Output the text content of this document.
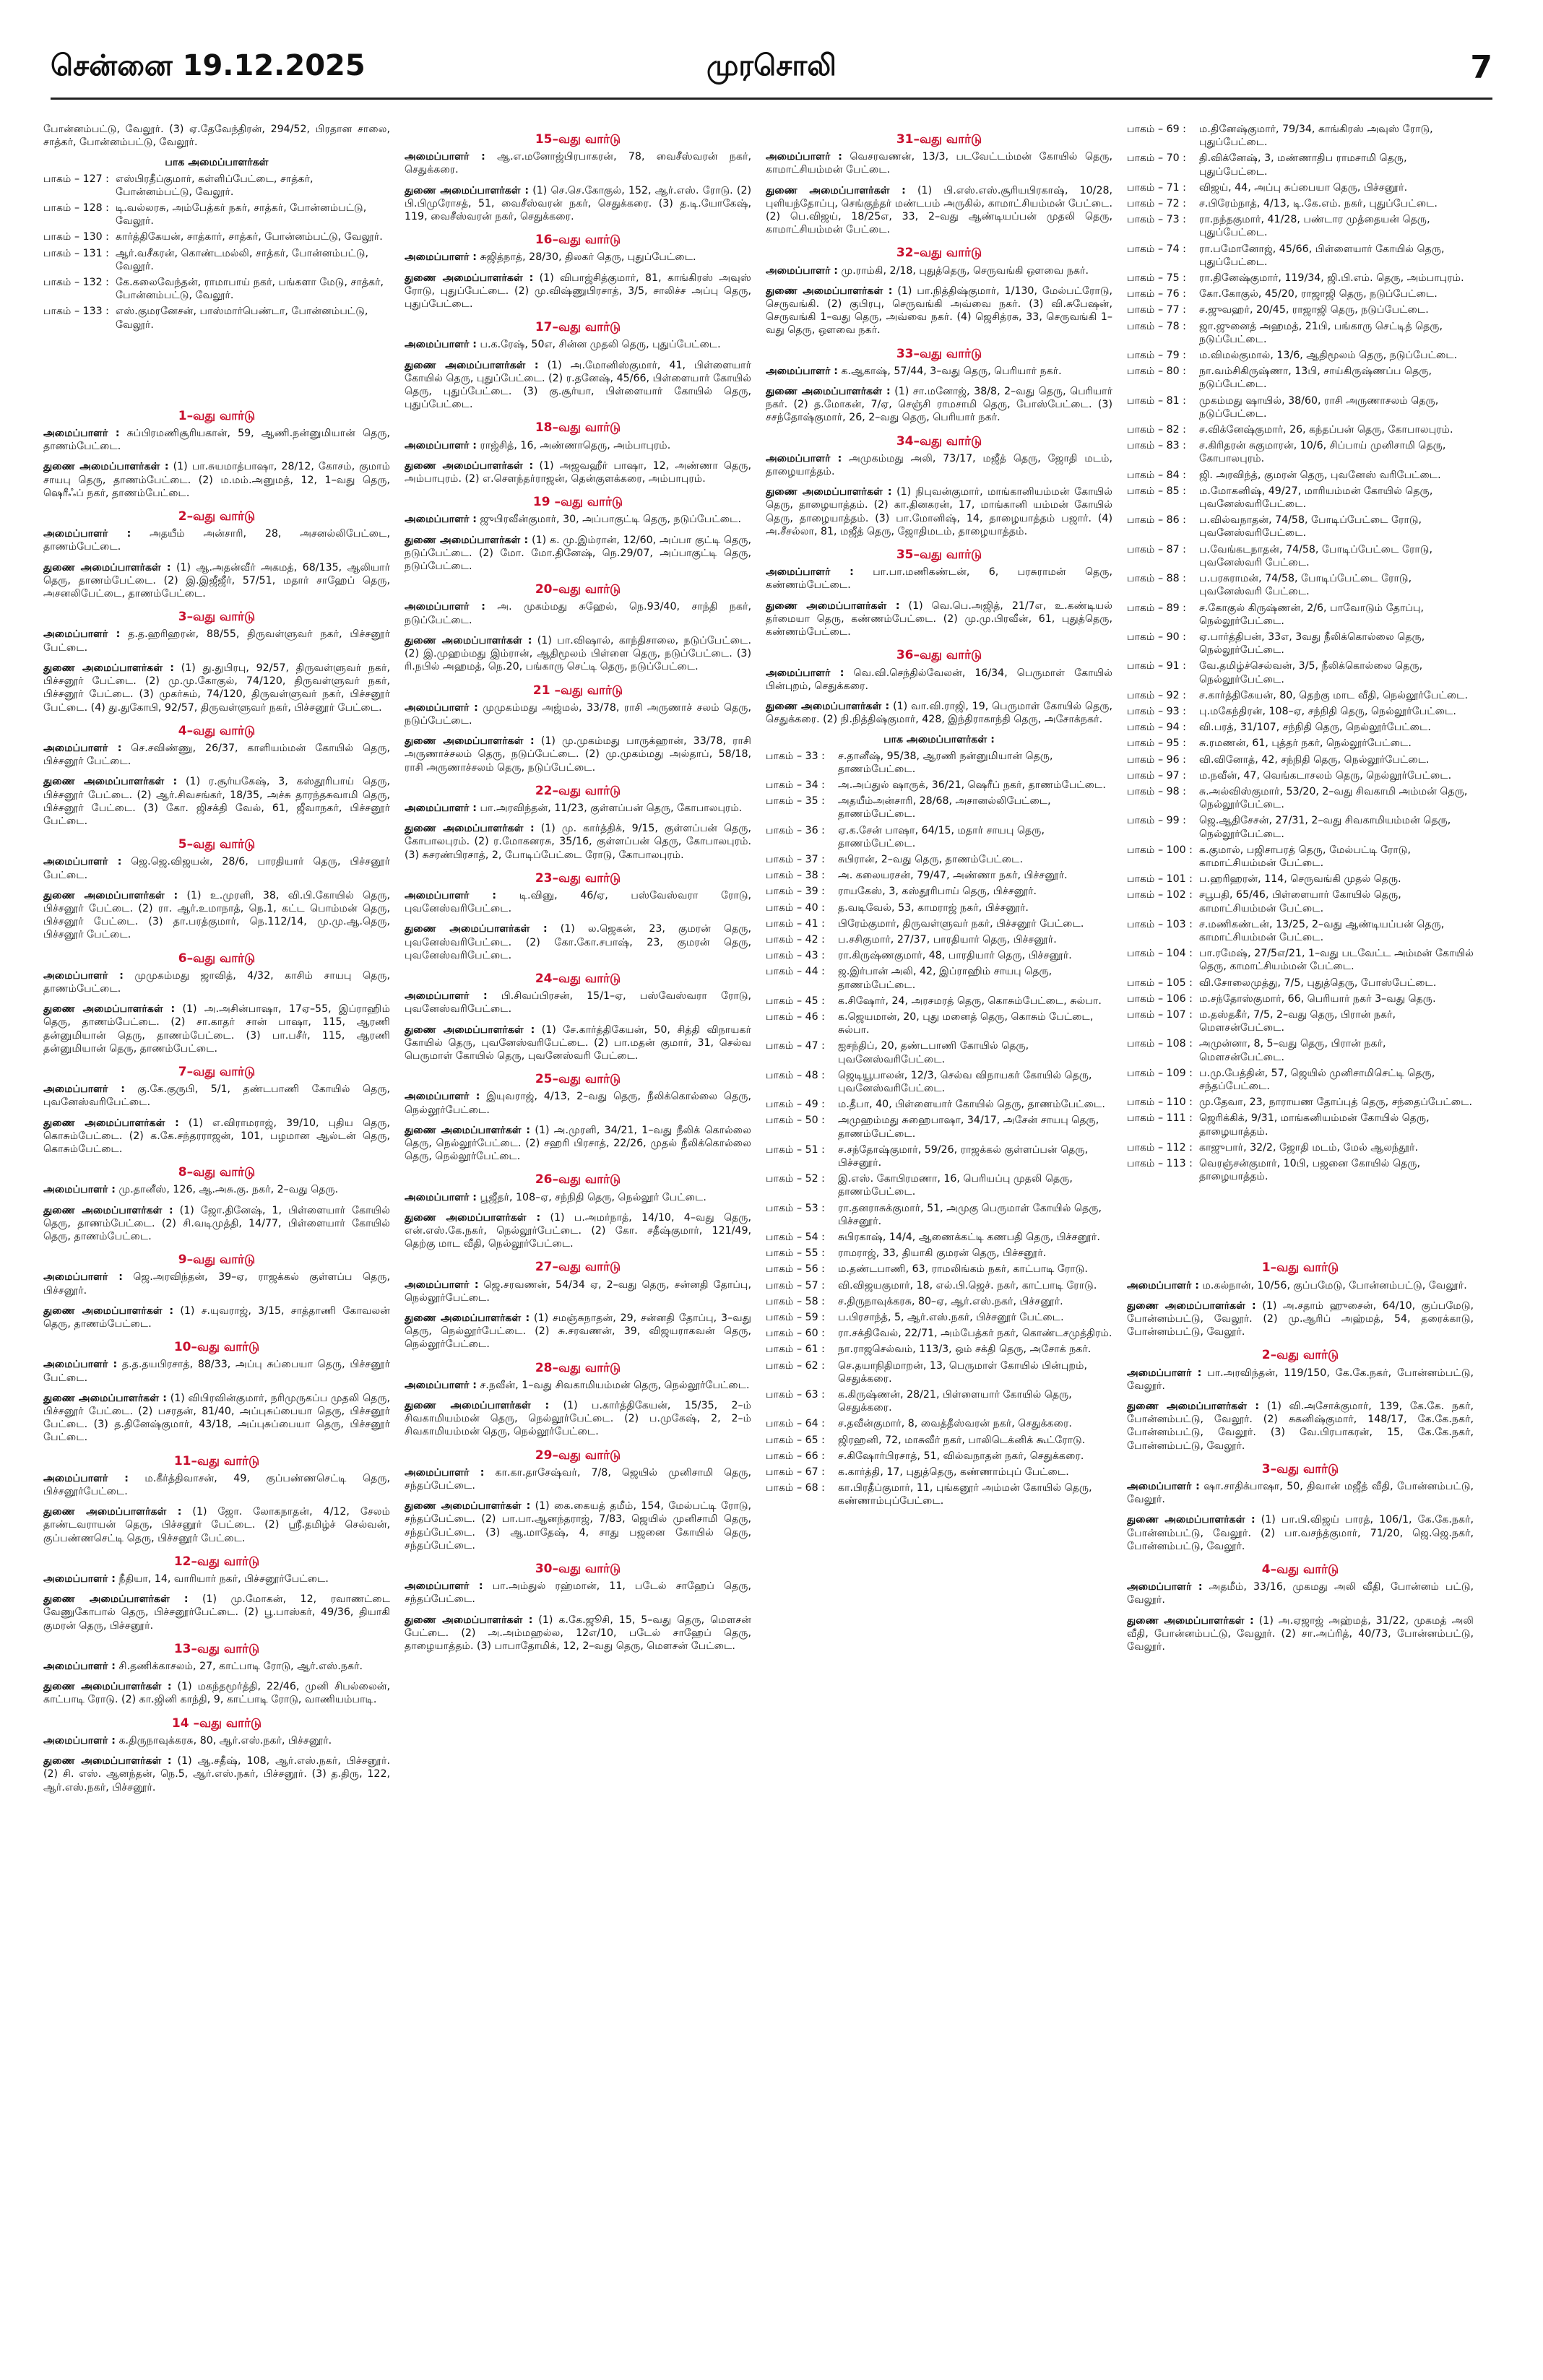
சென்னை 19.12.2025	முரசொலி	7
போன்னம்பட்டு, வேலூர். (3) ஏ.தேவேந்திரன், 294/52, பிரதான சாலை, சாத்கர், போன்னம்பட்டு, வேலூர்.
பாக அமைப்பாளர்கள்
பாகம் – 127 : எஸ்பிரதீப்குமார், கள்ளிப்பேட்டை, சாத்கர், போன்னம்பட்டு, வேலூர்.
பாகம் – 128 : டி.வல்லரசு, அம்பேத்கர் நகர், சாத்கர், போன்னம்பட்டு, வேலூர்.
பாகம் – 130 : கார்த்திகேயன், சாத்கார், சாத்கர், போன்னம்பட்டு, வேலூர்.
பாகம் – 131 : ஆர்.வசீகரன், கொண்டமல்லி, சாத்கர், போன்னம்பட்டு, வேலூர்.
பாகம் – 132 : கே.கலைவேந்தன், ராமாபாய் நகர், பங்களா மேடு, சாத்கர், போன்னம்பட்டு, வேலூர்.
பாகம் – 133 : எஸ்.குமரனேசன், பாஸ்மார்பெண்டா, போன்னம்பட்டு, வேலூர்.
1–வது வார்டு
அமைப்பாளர் : சுப்பிரமணிசூரியகான், 59, ஆணி.நன்னுமியான் தெரு, தாணம்பேட்டை.
துணை அமைப்பாளர்கள் : (1) பா.சுயமாத்பாஷா, 28/12, கோசம், குமாம் சாயபு தெரு, தாணம்பேட்டை. (2) ம.மம்.அனுமத், 12, 1–வது தெரு, ஷெரீஃப் நகர், தாணம்பேட்டை.
2–வது வார்டு
அமைப்பாளர் : அதயீம் அன்சாரி, 28, அசனல்லிபேட்டை, தாணம்பேட்டை.
துணை அமைப்பாளர்கள் : (1) ஆ.அதன்வீர் அகமத், 68/135, ஆலியார் தெரு, தாணம்பேட்டை. (2) இ.இஜீஜீர், 57/51, மதார் சாஹேப் தெரு, அசனலிபேட்டை, தாணம்பேட்டை.
3–வது வார்டு
அமைப்பாளர் : த.த.ஹரிஹரன், 88/55, திருவள்ளுவர் நகர், பிச்சனூர் பேட்டை.
துணை அமைப்பாளர்கள் : (1) து.துபிரபு, 92/57, திருவள்ளுவர் நகர், பிச்சனூர் பேட்டை. (2) மு.மு.கோகுல், 74/120, திருவள்ளுவர் நகர், பிச்சனூர் பேட்டை. (3) முகர்சும், 74/120, திருவள்ளுவர் நகர், பிச்சனூர் பேட்டை. (4) து.துகோபி, 92/57, திருவள்ளுவர் நகர், பிச்சனூர் பேட்டை.
4–வது வார்டு
அமைப்பாளர் : செ.சவிண்ணு, 26/37, காளியம்மன் கோயில் தெரு, பிச்சனூர் பேட்டை.
துணை அமைப்பாளர்கள் : (1) ர.சூர்யகேஷ், 3, கஸ்தூரிபாய் தெரு, பிச்சனூர் பேட்டை. (2) ஆர்.சிவசங்கர், 18/35, அச்சு தாரந்தசுவாமி தெரு, பிச்சனூர் பேட்டை. (3) கோ. ஜிசக்தி வேல், 61, ஜீவாநகர், பிச்சனூர் பேட்டை.
5–வது வார்டு
அமைப்பாளர் : ஜெ.ஜெ.விஜயன், 28/6, பாரதியார் தெரு, பிச்சனூர் பேட்டை.
துணை அமைப்பாளர்கள் : (1) உ.முரளி, 38, வி.பி.கோயில் தெரு, பிச்சனூர் பேட்டை. (2) ரா. ஆர்.உமாநாத், நெ.1, கட்ட பொம்மன் தெரு, பிச்சனூர் பேட்டை. (3) தா.பரத்குமார், நெ.112/14, மு.மு.ஆ.தெரு, பிச்சனூர் பேட்டை.
6–வது வார்டு
அமைப்பாளர் : முமுகம்மது ஜாவித், 4/32, காசிம் சாயபு தெரு, தாணம்பேட்டை.
துணை அமைப்பாளர்கள் : (1) அ.அசின்பாஷா, 17ஏ–55, இப்ராஹிம் தெரு, தாணம்பேட்டை. (2) சா.காதர் சான் பாஷா, 115, ஆரணி தன்னுமியான் தெரு, தாணம்பேட்டை. (3) பா.பசீர், 115, ஆரணி தன்னுமியான் தெரு, தாணம்பேட்டை.
7–வது வார்டு
அமைப்பாளர் : கு.கே.குருபி, 5/1, தண்டபாணி கோயில் தெரு, புவனேஸ்வரிபேட்டை.
துணை அமைப்பாளர்கள் : (1) எ.விராமராஜ், 39/10, புதிய தெரு, கொசும்பேட்டை. (2) க.கே.சந்தரராஜன், 101, பழமான ஆல்டன் தெரு, கொசும்பேட்டை.
8–வது வார்டு
அமைப்பாளர் : மு.தானீஸ், 126, ஆ.அசு.கு. நகர், 2–வது தெரு.
துணை அமைப்பாளர்கள் : (1) ஜோ.தினேஷ், 1, பிள்ளையார் கோயில் தெரு, தாணம்பேட்டை. (2) சி.வடிமுத்தி, 14/77, பிள்ளையார் கோயில் தெரு, தாணம்பேட்டை.
9–வது வார்டு
அமைப்பாளர் : ஜெ.அரவிந்தன், 39–ஏ, ராஜக்கல் குள்ளப்ப தெரு, பிச்சனூர்.
துணை அமைப்பாளர்கள் : (1) ச.யுவராஜ், 3/15, சாத்தாணி கோவலன் தெரு, தாணம்பேட்டை.
10–வது வார்டு
அமைப்பாளர் : த.த.தயபிரசாத், 88/33, அப்பு சுப்பையா தெரு, பிச்சனூர் பேட்டை.
துணை அமைப்பாளர்கள் : (1) விபிரவின்குமார், நரிமுருகப்ப முதலி தெரு, பிச்சனூர் பேட்டை. (2) பசரதன், 81/40, அப்புசுப்பையா தெரு, பிச்சனூர் பேட்டை. (3) த.தினேஷ்குமார், 43/18, அப்புசுப்பையா தெரு, பிச்சனூர் பேட்டை.
11–வது வார்டு
அமைப்பாளர் : ம.கீர்த்திவாசன், 49, குப்பண்ணசெட்டி தெரு, பிச்சனூர்பேட்டை.
துணை அமைப்பாளர்கள் : (1) ஜோ. லோகநாதன், 4/12, சேலம் தாண்டவராயன் தெரு, பிச்சனூர் பேட்டை. (2) ஸ்ரீ.தமிழ்ச் செல்வன், குப்பண்ணசெட்டி தெரு, பிச்சனூர் பேட்டை.
12–வது வார்டு
அமைப்பாளர் : நீதியா, 14, வாரியார் நகர், பிச்சனூர்பேட்டை.
துணை அமைப்பாளர்கள் : (1) மு.மோகன், 12, ரவாணட்டை வேணுகோபால் தெரு, பிச்சனூர்பேட்டை. (2) பூ.பாஸ்கர், 49/36, தியாகி குமரன் தெரு, பிச்சனூர்.
13–வது வார்டு
அமைப்பாளர் : சி.தணிக்காசலம், 27, காட்பாடி ரோடு, ஆர்.எஸ்.நகர்.
துணை அமைப்பாளர்கள் : (1) மகந்தமூர்த்தி, 22/46, முனி சிபல்லைன், காட்பாடி ரோடு. (2) கா.ஜினி காந்தி, 9, காட்பாடி ரோடு, வாணியம்பாடி.
14 –வது வார்டு
அமைப்பாளர் : க.திருநாவுக்கரசு, 80, ஆர்.எஸ்.நகர், பிச்சனூர்.
துணை அமைப்பாளர்கள் : (1) ஆ.சதீஷ், 108, ஆர்.எஸ்.நகர், பிச்சனூர். (2) சி. எஸ். ஆனந்தன், நெ.5, ஆர்.எஸ்.நகர், பிச்சனூர். (3) த.திரு, 122, ஆர்.எஸ்.நகர், பிச்சனூர்.
15–வது வார்டு
அமைப்பாளர் : ஆ.எ.மனோஜ்பிரபாகரன், 78, வைசீஸ்வரன் நகர், செதுக்கரை.
துணை அமைப்பாளர்கள் : (1) செ.செ.கோகுல், 152, ஆர்.எஸ். ரோடு. (2) பி.பிமுரோசத், 51, வைசீஸ்வரன் நகர், செதுக்கரை. (3) த.டி.யோகேஷ், 119, வைசீஸ்வரன் நகர், செதுக்கரை.
16–வது வார்டு
அமைப்பாளர் : சுஜித்நாத், 28/30, திலகர் தெரு, புதுப்பேட்டை.
துணை அமைப்பாளர்கள் : (1) விபாஜ்சித்குமார், 81, காங்கிரஸ் அவுஸ் ரோடு, புதுப்பேட்டை. (2) மு.விஷ்ணுபிரசாத், 3/5, சாலிச்ச அப்பு தெரு, புதுப்பேட்டை.
17–வது வார்டு
அமைப்பாளர் : ப.க.ரேஷ், 50எ, சின்ன முதலி தெரு, புதுப்பேட்டை.
துணை அமைப்பாளர்கள் : (1) அ.மோனிஸ்குமார், 41, பிள்ளையார் கோயில் தெரு, புதுப்பேட்டை. (2) ர.தனேஷ், 45/66, பிள்ளையார் கோயில் தெரு, புதுப்பேட்டை. (3) கு.சூர்யா, பிள்ளையார் கோயில் தெரு, புதுப்பேட்டை.
18–வது வார்டு
அமைப்பாளர் : ராஜ்சித், 16, அண்ணாதெரு, அம்பாபுரம்.
துணை அமைப்பாளர்கள் : (1) அஜவஹீர் பாஷா, 12, அண்ணா தெரு, அம்பாபுரம். (2) எ.சௌந்தர்ராஜன், தென்குளக்கரை, அம்பாபுரம்.
19 –வது வார்டு
அமைப்பாளர் : ஜுபிரவீன்குமார், 30, அப்பாகுட்டி தெரு, நடுப்பேட்டை.
துணை அமைப்பாளர்கள் : (1) க. மு.இம்ரான், 12/60, அப்பா குட்டி தெரு, நடுப்பேட்டை. (2) மோ. மோ.தினேஷ், நெ.29/07, அப்பாகுட்டி தெரு, நடுப்பேட்டை.
20–வது வார்டு
அமைப்பாளர் : அ. முகம்மது சுஹேல், நெ.93/40, சாந்தி நகர், நடுப்பேட்டை.
துணை அமைப்பாளர்கள் : (1) பா.விஷால், காந்திசாலை, நடுப்பேட்டை. (2) இ.முஹம்மது இம்ரான், ஆதிமூலம் பிள்ளை தெரு, நடுப்பேட்டை. (3) ரி.நபில் அஹமத், நெ.20, பங்காரு செட்டி தெரு, நடுப்பேட்டை.
21 –வது வார்டு
அமைப்பாளர் : முமுகம்மது அஜ்மல், 33/78, ராசி அருணாச் சலம் தெரு, நடுப்பேட்டை.
துணை அமைப்பாளர்கள் : (1) மு.முகம்மது பாருக்ஹான், 33/78, ராசி அருணாச்சலம் தெரு, நடுப்பேட்டை. (2) மு.முகம்மது அல்தாப், 58/18, ராசி அருணாச்சலம் தெரு, நடுப்பேட்டை.
22–வது வார்டு
அமைப்பாளர் : பா.அரவிந்தன், 11/23, குள்ளப்பன் தெரு, கோபாலபுரம்.
துணை அமைப்பாளர்கள் : (1) மு. கார்த்திக், 9/15, குள்ளப்பன் தெரு, கோபாலபுரம். (2) ர.மோகனரசு, 35/16, குள்ளப்பன் தெரு, கோபாலபுரம். (3) சுசரண்பிரசாத், 2, போடிப்பேட்டை ரோடு, கோபாலபுரம்.
23–வது வார்டு
அமைப்பாளர் : டி.வினு, 46/ஏ, பஸ்வேஸ்வரா ரோடு, புவனேஸ்வரிபேட்டை.
துணை அமைப்பாளர்கள் : (1) ல.ஜெகன், 23, குமரன் தெரு, புவனேஸ்வரிபேட்டை. (2) கோ.கோ.சபாஷ், 23, குமரன் தெரு, புவனேஸ்வரிபேட்டை.
24–வது வார்டு
அமைப்பாளர் : பி.சிவப்பிரசன், 15/1–ஏ, பஸ்வேஸ்வரா ரோடு, புவனேஸ்வரிபேட்டை.
துணை அமைப்பாளர்கள் : (1) சே.கார்த்திகேயன், 50, சித்தி விநாயகர் கோயில் தெரு, புவனேஸ்வரிபேட்டை. (2) பா.மதன் குமார், 31, செல்வ பெருமாள் கோயில் தெரு, புவனேஸ்வரி பேட்டை.
25–வது வார்டு
அமைப்பாளர் : இயுவராஜ், 4/13, 2–வது தெரு, நீலிக்கொல்லை தெரு, நெல்லூர்பேட்டை.
துணை அமைப்பாளர்கள் : (1) அ.முரளி, 34/21, 1–வது நீலிக் கொல்லை தெரு, நெல்லூர்பேட்டை. (2) சஹரி பிரசாத், 22/26, முதல் நீலிக்கொல்லை தெரு, நெல்லூர்பேட்டை.
26–வது வார்டு
அமைப்பாளர் : பூஜீதர், 108–ஏ, சந்நிதி தெரு, நெல்லூர் பேட்டை.
துணை அமைப்பாளர்கள் : (1) ப.அமர்நாத், 14/10, 4–வது தெரு, என்.எஸ்.கே.நகர், நெல்லூர்பேட்டை. (2) கோ. சதீஷ்குமார், 121/49, தெற்கு மாட வீதி, நெல்லூர்பேட்டை.
27–வது வார்டு
அமைப்பாளர் : ஜெ.சரவணன், 54/34 ஏ, 2–வது தெரு, சன்னதி தோப்பு, நெல்லூர்பேட்டை.
துணை அமைப்பாளர்கள் : (1) சமஞ்சுநாதன், 29, சன்னதி தோப்பு, 3–வது தெரு, நெல்லூர்பேட்டை. (2) சு.சரவணன், 39, விஜயராகவன் தெரு, நெல்லூர்பேட்டை.
28–வது வார்டு
அமைப்பாளர் : ச.நவீன், 1–வது சிவகாமியம்மன் தெரு, நெல்லூர்பேட்டை.
துணை அமைப்பாளர்கள் : (1) ப.கார்த்திகேயன், 15/35, 2–ம் சிவகாமியம்மன் தெரு, நெல்லூர்பேட்டை. (2) ப.முகேஷ், 2, 2–ம் சிவகாமியம்மன் தெரு, நெல்லூர்பேட்டை.
29–வது வார்டு
அமைப்பாளர் : கா.கா.தாசேஷ்வர், 7/8, ஜெயில் முனிசாமி தெரு, சந்தப்பேட்டை.
துணை அமைப்பாளர்கள் : (1) கை.கையத் தமீம், 154, மேல்பட்டி ரோடு, சந்தப்பேட்டை. (2) பா.பா.ஆனந்தராஜ், 7/83, ஜெயில் முனிசாமி தெரு, சந்தப்பேட்டை. (3) ஆ.மாதேஷ், 4, சாது பஜனை கோயில் தெரு, சந்தப்பேட்டை.
30–வது வார்டு
அமைப்பாளர் : பா.அம்துல் ரஹ்மான், 11, படேல் சாஹேப் தெரு, சந்தப்பேட்டை.
துணை அமைப்பாளர்கள் : (1) க.கே.ஜூசி, 15, 5–வது தெரு, மௌசன் பேட்டை. (2) அ.அம்மஹல்ல, 12எ/10, படேல் சாஹேப் தெரு, தாழையாத்தம். (3) பாபாதோமிக், 12, 2–வது தெரு, மௌசன் பேட்டை.
31–வது வார்டு
அமைப்பாளர் : வெசரவணன், 13/3, படவேட்டம்மன் கோயில் தெரு, காமாட்சியம்மன் பேட்டை.
துணை அமைப்பாளர்கள் : (1) பி.எஸ்.எஸ்.சூரியபிரகாஷ், 10/28, புளியந்தோப்பு, செங்குந்தர் மண்டபம் அருகில், காமாட்சியம்மன் பேட்டை. (2) பெ.விஜய், 18/25எ, 33, 2–வது ஆண்டியப்பன் முதலி தெரு, காமாட்சியம்மன் பேட்டை.
32–வது வார்டு
அமைப்பாளர் : மு.ராம்கி, 2/18, புதுத்தெரு, செருவங்கி ஔவை நகர்.
துணை அமைப்பாளர்கள் : (1) பா.நித்திஷ்குமார், 1/130, மேல்பட்ரோடு, செருவங்கி. (2) குபிரபு, செருவங்கி அவ்வை நகர். (3) வி.சுபேஷன், செருவங்கி 1–வது தெரு, அவ்வை நகர். (4) ஜெசித்ரசு, 33, செருவங்கி 1–வது தெரு, ஔவை நகர்.
33–வது வார்டு
அமைப்பாளர் : க.ஆகாஷ், 57/44, 3–வது தெரு, பெரியார் நகர்.
துணை அமைப்பாளர்கள் : (1) சா.மனோஜ், 38/8, 2–வது தெரு, பெரியார் நகர். (2) த.மோகன், 7/ஏ, செஞ்சி ராமசாமி தெரு, போஸ்பேட்டை. (3) சசந்தோஷ்குமார், 26, 2–வது தெரு, பெரியார் நகர்.
34–வது வார்டு
அமைப்பாளர் : அமுகம்மது அலி, 73/17, மஜீத் தெரு, ஜோதி மடம், தாழையாத்தம்.
துணை அமைப்பாளர்கள் : (1) நிபுவன்குமார், மாங்கானியம்மன் கோயில் தெரு, தாழையாத்தம். (2) கா.தினகரன், 17, மாங்கானி யம்மன் கோயில் தெரு, தாழையாத்தம். (3) பா.மோனிஷ், 14, தாழையாத்தம் பஜார். (4) அ.சீசல்லா, 81, மஜீத் தெரு, ஜோதிமடம், தாழையாத்தம்.
35–வது வார்டு
அமைப்பாளர் : பா.பா.மணிகண்டன், 6, பரசுராமன் தெரு, கண்ணம்பேட்டை.
துணை அமைப்பாளர்கள் : (1) வெ.பெ.அஜித், 21/7எ, உ.கண்டியல் தர்மையா தெரு, கண்ணம்பேட்டை. (2) மு.மு.பிரவீன், 61, புதுத்தெரு, கண்ணம்பேட்டை.
36–வது வார்டு
அமைப்பாளர் : வெ.வி.செந்தில்வேலன், 16/34, பெருமாள் கோயில் பின்புறம், செதுக்கரை.
துணை அமைப்பாளர்கள் : (1) வா.வி.ராஜி, 19, பெருமாள் கோயில் தெரு, செதுக்கரை. (2) நி.நித்திஷ்குமார், 428, இந்திராகாந்தி தெரு, அசோக்நகர்.
பாக அமைப்பாளர்கள் :
பாகம் – 33 :	ச.தானீஷ், 95/38, ஆரணி நன்னுமியான் தெரு, தாணம்பேட்டை.
பாகம் – 34 :	அ.அப்துல் ஷாருக், 36/21, ஷெரீப் நகர், தாணம்பேட்டை.
பாகம் – 35 :	அதயீம்அன்சாரி, 28/68, அசானல்லிபேட்டை, தாணம்பேட்டை.
பாகம் – 36 :	ஏ.க.சேன் பாஷா, 64/15, மதார் சாயபு தெரு, தாணம்பேட்டை.
பாகம் – 37 :	சுபிரான், 2–வது தெரு, தாணம்பேட்டை.
பாகம் – 38 :	அ. கலையரசன், 79/47, அண்ணா நகர், பிச்சனூர்.
பாகம் – 39 :	ராயகேஸ், 3, கஸ்தூரிபாய் தெரு, பிச்சனூர்.
பாகம் – 40 :	த.வடிவேல், 53, காமராஜ் நகர், பிச்சனூர்.
பாகம் – 41 :	பிரேம்குமார், திருவள்ளுவர் நகர், பிச்சனூர் பேட்டை.
பாகம் – 42 :	ப.சசிகுமார், 27/37, பாரதியார் தெரு, பிச்சனூர்.
பாகம் – 43 :	ரா.கிருஷ்ணகுமார், 48, பாரதியார் தெரு, பிச்சனூர்.
பாகம் – 44 :	ஜ.இர்பான் அலி, 42, இப்ராஹிம் சாயபு தெரு, தாணம்பேட்டை.
பாகம் – 45 :	க.சிஷோர், 24, அரசமரத் தெரு, கொசும்பேட்டை, சுல்பா.
பாகம் – 46 :	க.ஜெயமான், 20, புது மனைத் தெரு, கொசும் பேட்டை, சுல்பா.
பாகம் – 47 :	ஐசந்திப், 20, தண்டபாணி கோயில் தெரு, புவனேஸ்வரிபேட்டை.
பாகம் – 48 :	ஜெடியூபாலன், 12/3, செல்வ விநாயகர் கோயில் தெரு, புவனேஸ்வரிபேட்டை.
பாகம் – 49 :	ம.தீபா, 40, பிள்ளையார் கோயில் தெரு, தாணம்பேட்டை.
பாகம் – 50 :	அமுஹம்மது சுஹைபாஷா, 34/17, அசேன் சாயபு தெரு, தாணம்பேட்டை.
பாகம் – 51 :	ச.சந்தோஷ்குமார், 59/26, ராஜக்கல் குள்ளப்பன் தெரு, பிச்சனூர்.
பாகம் – 52 :	இ.எஸ். கோபிரமணா, 16, பெரியப்பு முதலி தெரு, தாணம்பேட்டை.
பாகம் – 53 :	ரா.தனராசுக்குமார், 51, அமுகு பெருமாள் கோயில் தெரு, பிச்சனூர்.
பாகம் – 54 :	சுபிரகாஷ், 14/4, ஆணைக்கட்டி கணபதி தெரு, பிச்சனூர்.
பாகம் – 55 :	ராமராஜ், 33, தியாகி குமரன் தெரு, பிச்சனூர்.
பாகம் – 56 :	ம.தண்டபாணி, 63, ராமலிங்கம் நகர், காட்பாடி ரோடு.
பாகம் – 57 :	வி.விஜயகுமார், 18, எல்.பி.ஜெச். நகர், காட்பாடி ரோடு.
பாகம் – 58 :	ச.திருநாவுக்கரசு, 80–ஏ, ஆர்.எஸ்.நகர், பிச்சனூர்.
பாகம் – 59 :	ப.பிரசாந்த், 5, ஆர்.எஸ்.நகர், பிச்சனூர் பேட்டை.
பாகம் – 60 :	ரா.சக்திவேல், 22/71, அம்பேத்கர் நகர், கொண்டசமுத்திரம்.
பாகம் – 61 :	நா.ராஜசெல்வம், 113/3, ஒம் சக்தி தெரு, அசோக் நகர்.
பாகம் – 62 :	செ.தயாநிதிமாறன், 13, பெருமாள் கோயில் பின்புறம், செதுக்கரை.
பாகம் – 63 :	க.கிருஷ்ணன், 28/21, பிள்ளையார் கோயில் தெரு, செதுக்கரை.
பாகம் – 64 :	ச.தவீன்குமார், 8, வைத்தீஸ்வரன் நகர், செதுக்கரை.
பாகம் – 65 :	ஜிரஹனி, 72, மாசுவீர் நகர், பாலிடெக்னிக் கூட்ரோடு.
பாகம் – 66 :	ச.கிஷோர்பிரசாத், 51, வில்வநாதன் நகர், செதுக்கரை.
பாகம் – 67 :	க.கார்த்தி, 17, புதுத்தெரு, கண்ணாம்புப் பேட்டை.
பாகம் – 68 :	கா.பிரதீப்குமார், 11, புங்கனூர் அம்மன் கோயில் தெரு, கண்ணாம்புப்பேட்டை.
பாகம் – 69 :	ம.தினேஷ்குமார், 79/34, காங்கிரஸ் அவுஸ் ரோடு, புதுப்பேட்டை.
பாகம் – 70 :	தி.விக்னேஷ், 3, மண்ணாதிப ராமசாமி தெரு, புதுப்பேட்டை.
பாகம் – 71 :	விஜய், 44, அப்பு சுப்பையா தெரு, பிச்சனூர்.
பாகம் – 72 :	ச.பிரேம்நாத், 4/13, டி.கே.எம். நகர், புதுப்பேட்டை.
பாகம் – 73 :	ரா.நந்தகுமார், 41/28, பண்டார முத்தையன் தெரு, புதுப்பேட்டை.
பாகம் – 74 :	ரா.பமோனோஜ், 45/66, பிள்ளையார் கோயில் தெரு, புதுப்பேட்டை.
பாகம் – 75 :	ரா.தினேஷ்குமார், 119/34, ஜி.பி.எம். தெரு, அம்பாபுரம்.
பாகம் – 76 :	கோ.கோகுல், 45/20, ராஜாஜி தெரு, நடுப்பேட்டை.
பாகம் – 77 :	ச.ஜுவஹர், 20/45, ராஜாஜி தெரு, நடுப்பேட்டை.
பாகம் – 78 :	ஜா.ஜுனைத் அஹமத், 21பி, பங்காரு செட்டித் தெரு, நடுப்பேட்டை.
பாகம் – 79 :	ம.விமல்குமால், 13/6, ஆதிமூலம் தெரு, நடுப்பேட்டை.
பாகம் – 80 :	நா.வம்சிகிருஷ்ணா, 13பி, சாய்கிருஷ்ணப்ப தெரு, நடுப்பேட்டை.
பாகம் – 81 :	முகம்மது ஷாயில், 38/60, ராசி அருணாசலம் தெரு, நடுப்பேட்டை.
பாகம் – 82 :	ச.விக்னேஷ்குமார், 26, கந்தப்பன் தெரு, கோபாலபுரம்.
பாகம் – 83 :	ச.கிரிதரன் சுகுமாரன், 10/6, சிப்பாய் முனிசாமி தெரு, கோபாலபுரம்.
பாகம் – 84 :	ஜி. அரவிந்த், குமரன் தெரு, புவனேஸ் வரிபேட்டை.
பாகம் – 85 :	ம.மோகனிஷ், 49/27, மாரியம்மன் கோயில் தெரு, புவனேஸ்வரிபேட்டை.
பாகம் – 86 :	ப.வில்வநாதன், 74/58, போடிப்பேட்டை ரோடு, புவனேஸ்வரிபேட்டை.
பாகம் – 87 :	ப.வேங்கடநாதன், 74/58, போடிப்பேட்டை ரோடு, புவனேஸ்வரி பேட்டை.
பாகம் – 88 :	ப.பரசுராமன், 74/58, போடிப்பேட்டை ரோடு, புவனேஸ்வரி பேட்டை.
பாகம் – 89 :	ச.கோகுல் கிருஷ்ணன், 2/6, பாவோடும் தோப்பு, நெல்லூர்பேட்டை.
பாகம் – 90 :	ஏ.பார்த்திபன், 33எ, 3வது நீலிக்கொல்லை தெரு, நெல்லூர்பேட்டை.
பாகம் – 91 :	வே.தமிழ்ச்செல்வன், 3/5, நீலிக்கொல்லை தெரு, நெல்லூர்பேட்டை.
பாகம் – 92 :	ச.கார்த்திகேயன், 80, தெற்கு மாட வீதி, நெல்லூர்பேட்டை.
பாகம் – 93 :	பு.மகேந்திரன், 108–ஏ, சந்நிதி தெரு, நெல்லூர்பேட்டை.
பாகம் – 94 :	வி.பரத், 31/107, சந்நிதி தெரு, நெல்லூர்பேட்டை.
பாகம் – 95 :	சு.ரமணன், 61, புத்தர் நகர், நெல்லூர்பேட்டை.
பாகம் – 96 :	வி.வினோத், 42, சந்நிதி தெரு, நெல்லூர்பேட்டை.
பாகம் – 97 :	ம.நவீன், 47, வெங்கடாசலம் தெரு, நெல்லூர்பேட்டை.
பாகம் – 98 :	சு.அல்விஸ்குமார், 53/20, 2–வது சிவகாமி அம்மன் தெரு, நெல்லூர்பேட்டை.
பாகம் – 99 :	ஜெ.ஆதிசேசன், 27/31, 2–வது சிவகாமியம்மன் தெரு, நெல்லூர்பேட்டை.
பாகம் – 100 : க.குமால், பஜிசாபரத் தெரு, மேல்பட்டி ரோடு, காமாட்சியம்மன் பேட்டை.
பாகம் – 101 : ப.ஹரிஹரன், 114, செருவங்கி முதல் தெரு.
பாகம் – 102 : சபூபதி, 65/46, பிள்ளையார் கோயில் தெரு, காமாட்சியம்மன் பேட்டை.
பாகம் – 103 : ச.மணிகண்டன், 13/25, 2–வது ஆண்டியப்பன் தெரு, காமாட்சியம்மன் பேட்டை.
பாகம் – 104 : பா.ரமேஷ், 27/5எ/21, 1–வது படவேட்ட அம்மன் கோயில் தெரு, காமாட்சியம்மன் பேட்டை.
பாகம் – 105 : வி.சோலைமுத்து, 7/5, புதுத்தெரு, போஸ்பேட்டை.
பாகம் – 106 : ம.சந்தோஸ்குமார், 66, பெரியார் நகர் 3–வது தெரு.
பாகம் – 107 : ம.தஸ்தகீர், 7/5, 2–வது தெரு, பிரான் நகர், மௌசன்பேட்டை.
பாகம் – 108 : அமுன்னா, 8, 5–வது தெரு, பிரான் நகர், மௌசன்பேட்டை.
பாகம் – 109 : ப.மு.பேத்தின், 57, ஜெயில் முனிசாமிசெட்டி தெரு, சந்தப்பேட்டை.
பாகம் – 110 : மு.தேவா, 23, நாராயண தோப்புத் தெரு, சந்தைப்பேட்டை.
பாகம் – 111 : ஜெரிக்கிக், 9/31, மாங்கனியம்மன் கோயில் தெரு, தாழையாத்தம்.
பாகம் – 112 : காஜுபார், 32/2, ஜோதி மடம், மேல் ஆலந்தூர்.
பாகம் – 113 : வெரஞ்சன்குமார், 10பி, பஜனை கோயில் தெரு, தாழையாத்தம்.
1–வது வார்டு
அமைப்பாளர் : ம.கல்நான், 10/56, குப்பமேடு, போன்னம்பட்டு, வேலூர்.
துணை அமைப்பாளர்கள் : (1) அ.சதாம் ஹுசைன், 64/10, குப்பமேடு, போன்னம்பட்டு, வேலூர். (2) மு.ஆரிப் அஹ்மத், 54, தரைக்காடு, போன்னம்பட்டு, வேலூர்.
2–வது வார்டு
அமைப்பாளர் : பா.அரவிந்தன், 119/150, கே.கே.நகர், போன்னம்பட்டு, வேலூர்.
துணை அமைப்பாளர்கள் : (1) வி.அசோக்குமார், 139, கே.கே. நகர், போன்னம்பட்டு, வேலூர். (2) சுகனிஷ்குமார், 148/17, கே.கே.நகர், போன்னம்பட்டு, வேலூர். (3) வே.பிரபாகரன், 15, கே.கே.நகர், போன்னம்பட்டு, வேலூர்.
3–வது வார்டு
அமைப்பாளர் : ஷா.சாதிக்பாஷா, 50, திவான் மஜீத் வீதி, போன்னம்பட்டு, வேலூர்.
துணை அமைப்பாளர்கள் : (1) பா.பி.விஜய் பாரத், 106/1, கே.கே.நகர், போன்னம்பட்டு, வேலூர். (2) பா.வசந்த்குமார், 71/20, ஜெ.ஜெ.நகர், போன்னம்பட்டு, வேலூர்.
4–வது வார்டு
அமைப்பாளர் : அதமீம், 33/16, முகமது அலி வீதி, போன்னம் பட்டு, வேலூர்.
துணை அமைப்பாளர்கள் : (1) அ.ஏஜாஜ் அஹ்மத், 31/22, முகமத் அலி வீதி, போன்னம்பட்டு, வேலூர். (2) சா.அப்ரித், 40/73, போன்னம்பட்டு, வேலூர்.
